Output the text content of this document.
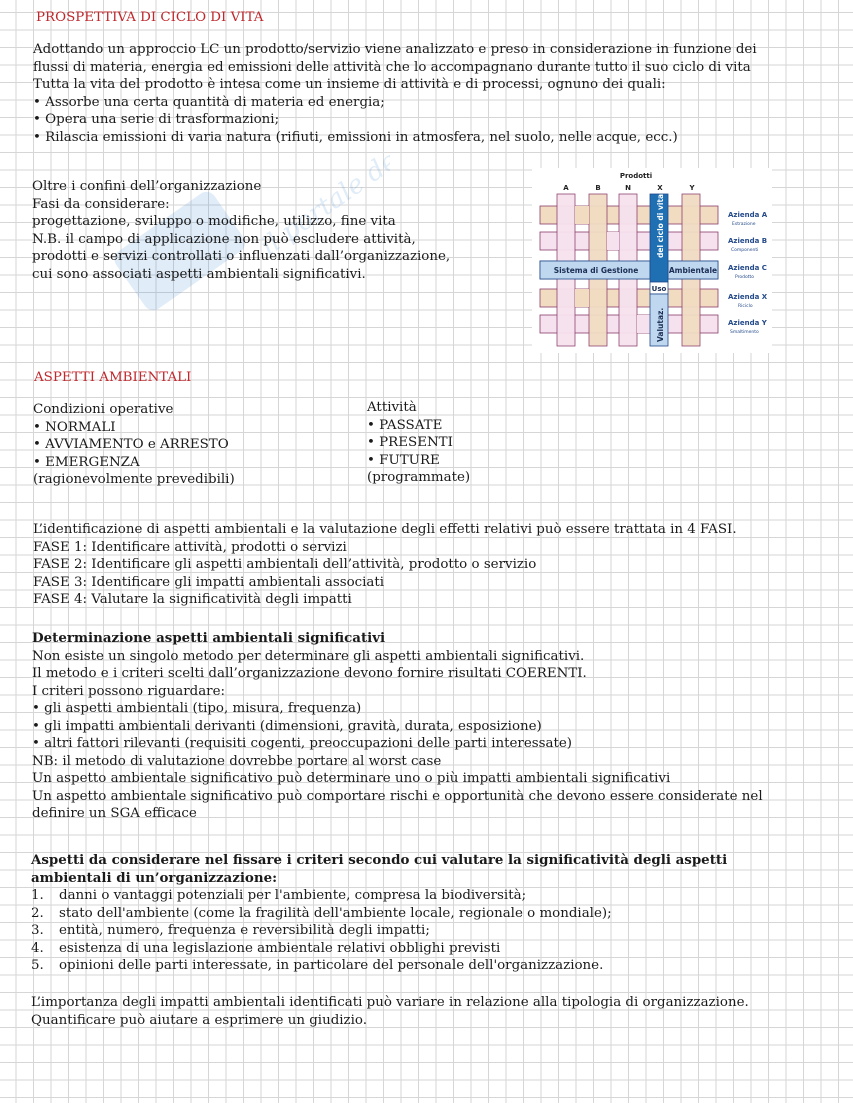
il portale degli
PROSPETTIVA DI CICLO DI VITA
Adottando un approccio LC un prodotto/servizio viene analizzato e preso in considerazione in funzione dei
flussi di materia, energia ed emissioni delle attività che lo accompagnano durante tutto il suo ciclo di vita
Tutta la vita del prodotto è intesa come un insieme di attività e di processi, ognuno dei quali:
• Assorbe una certa quantità di materia ed energia;
• Opera una serie di trasformazioni;
• Rilascia emissioni di varia natura (rifiuti, emissioni in atmosfera, nel suolo, nelle acque, ecc.)
Oltre i confini dell’organizzazione
Fasi da considerare:
progettazione, sviluppo o modifiche, utilizzo, fine vita
N.B. il campo di applicazione non può escludere attività,
prodotti e servizi controllati o influenzati dall’organizzazione,
cui sono associati aspetti ambientali significativi.
Prodotti
A	B	N	X	Y
Sistema di Gestione	Ambientale
del ciclo di vita
Uso
Valutaz.
Azienda A
Estrazione
Azienda B
Componenti
Azienda C
Prodotto
Azienda X
Riciclo
Azienda Y
Smaltimento
ASPETTI AMBIENTALI
Condizioni operative
• NORMALI
• AVVIAMENTO e ARRESTO
• EMERGENZA
(ragionevolmente prevedibili)
Attività
• PASSATE
• PRESENTI
• FUTURE
(programmate)
L’identificazione di aspetti ambientali e la valutazione degli effetti relativi può essere trattata in 4 FASI.
FASE 1: Identificare attività, prodotti o servizi
FASE 2: Identificare gli aspetti ambientali dell’attività, prodotto o servizio
FASE 3: Identificare gli impatti ambientali associati
FASE 4: Valutare la significatività degli impatti
Determinazione aspetti ambientali significativi
Non esiste un singolo metodo per determinare gli aspetti ambientali significativi.
Il metodo e i criteri scelti dall’organizzazione devono fornire risultati COERENTI.
I criteri possono riguardare:
• gli aspetti ambientali (tipo, misura, frequenza)
• gli impatti ambientali derivanti (dimensioni, gravità, durata, esposizione)
• altri fattori rilevanti (requisiti cogenti, preoccupazioni delle parti interessate)
NB: il metodo di valutazione dovrebbe portare al worst case
Un aspetto ambientale significativo può determinare uno o più impatti ambientali significativi
Un aspetto ambientale significativo può comportare rischi e opportunità che devono essere considerate nel
definire un SGA efficace
Aspetti da considerare nel fissare i criteri secondo cui valutare la significatività degli aspetti
ambientali di un’organizzazione:
1.	danni o vantaggi potenziali per l'ambiente, compresa la biodiversità;
2.	stato dell'ambiente (come la fragilità dell'ambiente locale, regionale o mondiale);
3.	entità, numero, frequenza e reversibilità degli impatti;
4.	esistenza di una legislazione ambientale relativi obblighi previsti
5.	opinioni delle parti interessate, in particolare del personale dell'organizzazione.
L’importanza degli impatti ambientali identificati può variare in relazione alla tipologia di organizzazione.
Quantificare può aiutare a esprimere un giudizio.
